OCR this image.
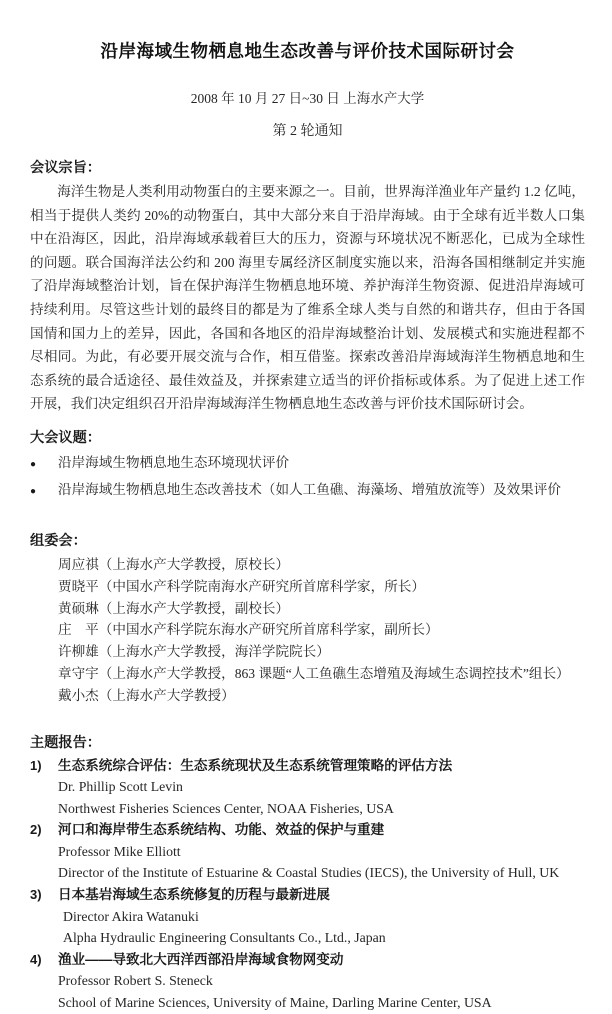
沿岸海域生物栖息地生态改善与评价技术国际研讨会

2008 年 10 月 27 日~30 日 上海水产大学

第 2 轮通知

会议宗旨：

海洋生物是人类利用动物蛋白的主要来源之一。目前，世界海洋渔业年产量约 1.2 亿吨，相当于提供人类约 20%的动物蛋白，其中大部分来自于沿岸海域。由于全球有近半数人口集中在沿海区，因此，沿岸海域承载着巨大的压力，资源与环境状况不断恶化，已成为全球性的问题。联合国海洋法公约和 200 海里专属经济区制度实施以来，沿海各国相继制定并实施了沿岸海域整治计划，旨在保护海洋生物栖息地环境、养护海洋生物资源、促进沿岸海域可持续利用。尽管这些计划的最终目的都是为了维系全球人类与自然的和谐共存，但由于各国国情和国力上的差异，因此，各国和各地区的沿岸海域整治计划、发展模式和实施进程都不尽相同。为此，有必要开展交流与合作，相互借鉴。探索改善沿岸海域海洋生物栖息地和生态系统的最合适途径、最佳效益及，并探索建立适当的评价指标或体系。为了促进上述工作开展，我们决定组织召开沿岸海域海洋生物栖息地生态改善与评价技术国际研讨会。

大会议题：
●	沿岸海域生物栖息地生态环境现状评价
●	沿岸海域生物栖息地生态改善技术（如人工鱼礁、海藻场、增殖放流等）及效果评价
组委会：

周应祺（上海水产大学教授，原校长）

贾晓平（中国水产科学院南海水产研究所首席科学家，所长）

黄硕琳（上海水产大学教授，副校长）

庄　平（中国水产科学院东海水产研究所首席科学家，副所长）

许柳雄（上海水产大学教授，海洋学院院长）

章守宇（上海水产大学教授，863 课题“人工鱼礁生态增殖及海域生态调控技术”组长）

戴小杰（上海水产大学教授）

主题报告：
1)	生态系统综合评估：生态系统现状及生态系统管理策略的评估方法

Dr. Phillip Scott Levin

Northwest Fisheries Sciences Center, NOAA Fisheries, USA

2)	河口和海岸带生态系统结构、功能、效益的保护与重建

Professor Mike Elliott

Director of the Institute of Estuarine & Coastal Studies (IECS), the University of Hull, UK

3)	日本基岩海域生态系统修复的历程与最新进展

Director Akira Watanuki

Alpha Hydraulic Engineering Consultants Co., Ltd., Japan

4)	渔业——导致北大西洋西部沿岸海域食物网变动

Professor Robert S. Steneck

School of Marine Sciences, University of Maine, Darling Marine Center, USA
